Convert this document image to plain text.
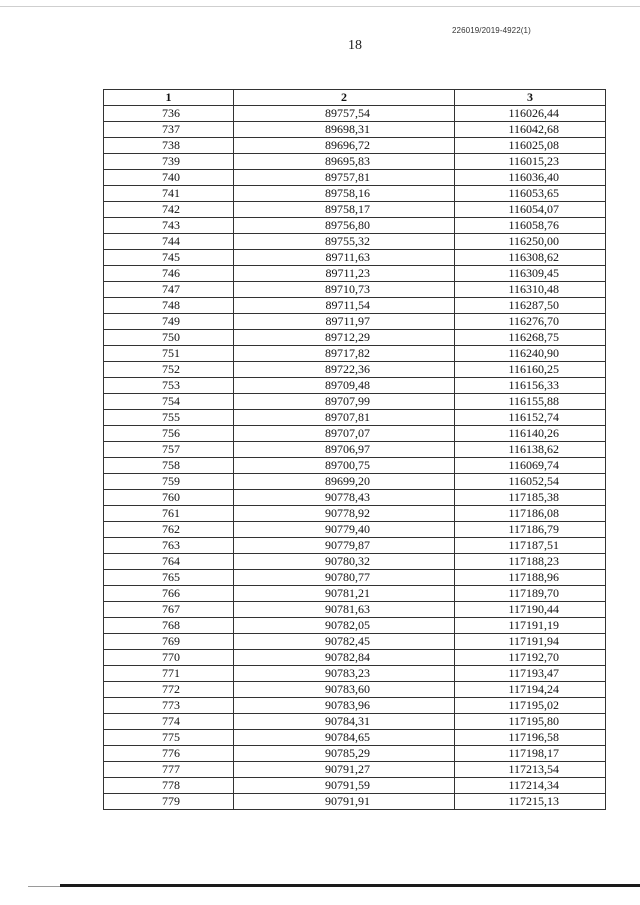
226019/2019-4922(1)
18
1	2	3
736	89757,54	116026,44
737	89698,31	116042,68
738	89696,72	116025,08
739	89695,83	116015,23
740	89757,81	116036,40
741	89758,16	116053,65
742	89758,17	116054,07
743	89756,80	116058,76
744	89755,32	116250,00
745	89711,63	116308,62
746	89711,23	116309,45
747	89710,73	116310,48
748	89711,54	116287,50
749	89711,97	116276,70
750	89712,29	116268,75
751	89717,82	116240,90
752	89722,36	116160,25
753	89709,48	116156,33
754	89707,99	116155,88
755	89707,81	116152,74
756	89707,07	116140,26
757	89706,97	116138,62
758	89700,75	116069,74
759	89699,20	116052,54
760	90778,43	117185,38
761	90778,92	117186,08
762	90779,40	117186,79
763	90779,87	117187,51
764	90780,32	117188,23
765	90780,77	117188,96
766	90781,21	117189,70
767	90781,63	117190,44
768	90782,05	117191,19
769	90782,45	117191,94
770	90782,84	117192,70
771	90783,23	117193,47
772	90783,60	117194,24
773	90783,96	117195,02
774	90784,31	117195,80
775	90784,65	117196,58
776	90785,29	117198,17
777	90791,27	117213,54
778	90791,59	117214,34
779	90791,91	117215,13
